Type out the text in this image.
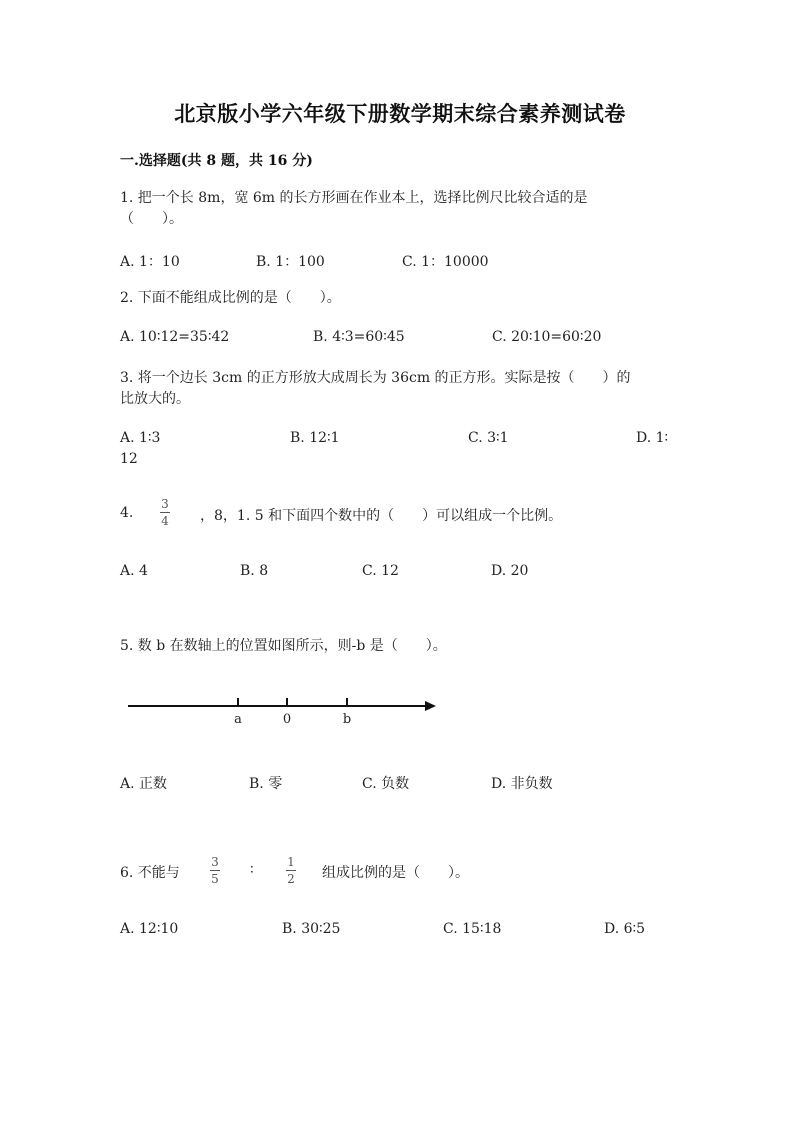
北京版小学六年级下册数学期末综合素养测试卷
一.选择题(共 8 题，共 16 分)
1. 把一个长 8m，宽 6m 的长方形画在作业本上，选择比例尺比较合适的是
（　　）。
A. 1：10	B. 1：100	C. 1：10000
2. 下面不能组成比例的是（　　）。
A. 10∶12=35∶42	B. 4∶3=60∶45	C. 20∶10=60∶20
3. 将一个边长 3cm 的正方形放大成周长为 36cm 的正方形。实际是按（　　）的
比放大的。
A. 1∶3	B. 12∶1	C. 3∶1	D. 1∶
12
4.
3
4 ，8，1. 5 和下面四个数中的（　　）可以组成一个比例。
A. 4	B. 8	C. 12	D. 20
5. 数 b 在数轴上的位置如图所示，则-b 是（　　）。
a	0	b
A. 正数	B. 零	C. 负数	D. 非负数
6. 不能与
3
5
∶	1
2 组成比例的是（　　）。
A. 12∶10	B. 30∶25	C. 15∶18	D. 6∶5
